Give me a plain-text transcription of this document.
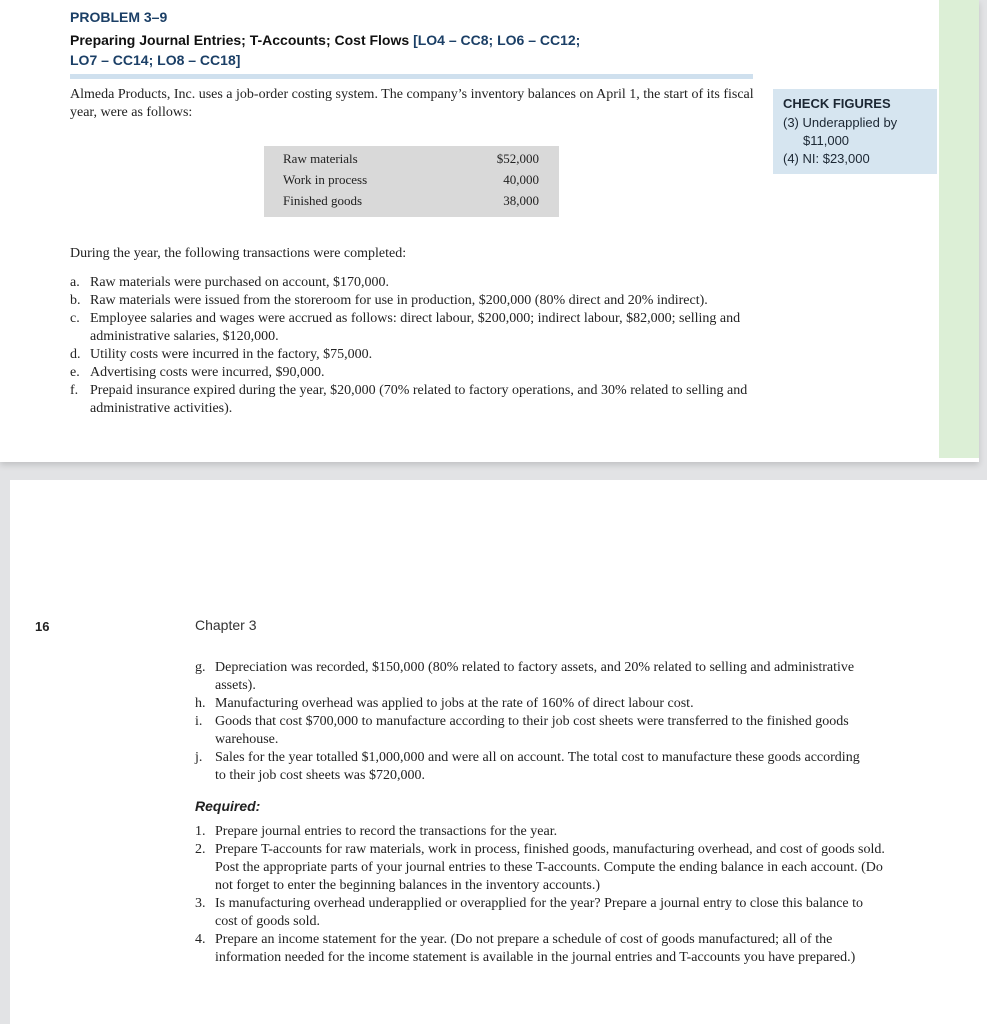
PROBLEM 3–9
Preparing Journal Entries; T-Accounts; Cost Flows [LO4 – CC8; LO6 – CC12;
LO7 – CC14; LO8 – CC18]
Almeda Products, Inc. uses a job-order costing system. The company’s inventory balances on April 1, the start of its fiscal year, were as follows:
CHECK FIGURES
(3) Underapplied by
$11,000
(4) NI: $23,000
Raw materials	$52,000
Work in process	40,000
Finished goods	38,000
During the year, the following transactions were completed:
a. Raw materials were purchased on account, $170,000.
b. Raw materials were issued from the storeroom for use in production, $200,000 (80% direct and 20% indirect).
c. Employee salaries and wages were accrued as follows: direct labour, $200,000; indirect labour, $82,000; selling and administrative salaries, $120,000.
d. Utility costs were incurred in the factory, $75,000.
e. Advertising costs were incurred, $90,000.
f. Prepaid insurance expired during the year, $20,000 (70% related to factory operations, and 30% related to selling and administrative activities).
16	Chapter 3
g. Depreciation was recorded, $150,000 (80% related to factory assets, and 20% related to selling and administrative assets).
h. Manufacturing overhead was applied to jobs at the rate of 160% of direct labour cost.
i. Goods that cost $700,000 to manufacture according to their job cost sheets were transferred to the finished goods warehouse.
j. Sales for the year totalled $1,000,000 and were all on account. The total cost to manufacture these goods according to their job cost sheets was $720,000.
Required:
1. Prepare journal entries to record the transactions for the year.
2. Prepare T-accounts for raw materials, work in process, finished goods, manufacturing overhead, and cost of goods sold. Post the appropriate parts of your journal entries to these T-accounts. Compute the ending balance in each account. (Do not forget to enter the beginning balances in the inventory accounts.)
3. Is manufacturing overhead underapplied or overapplied for the year? Prepare a journal entry to close this balance to cost of goods sold.
4. Prepare an income statement for the year. (Do not prepare a schedule of cost of goods manufactured; all of the information needed for the income statement is available in the journal entries and T-accounts you have prepared.)
